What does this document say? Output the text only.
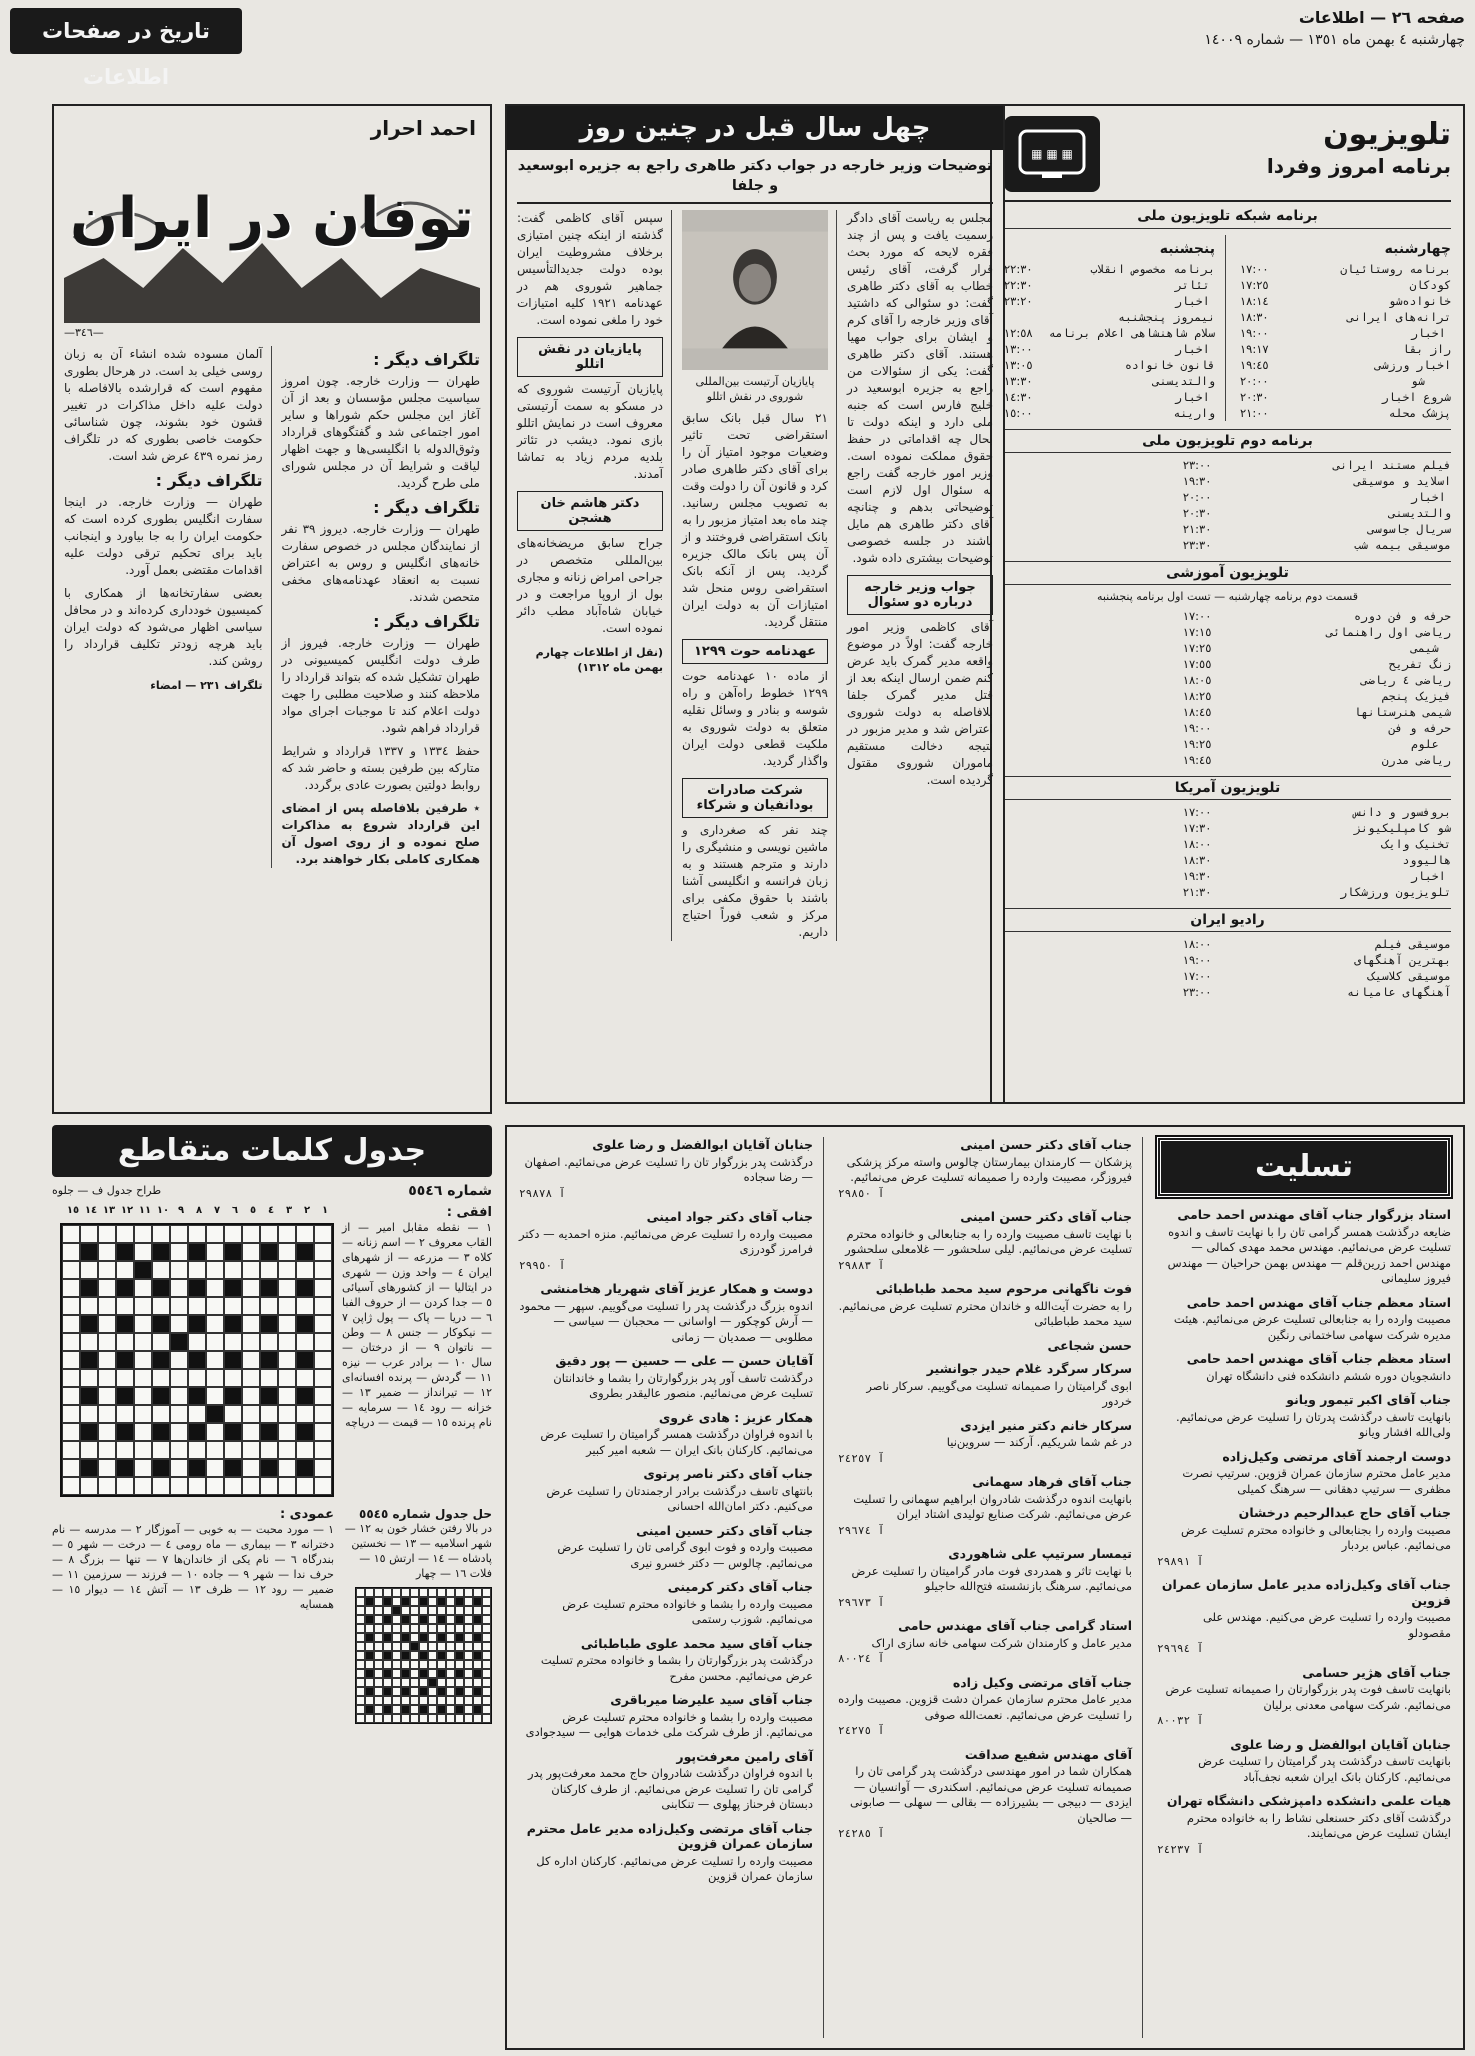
صفحه ٢٦ — اطلاعات
چهارشنبه ٤ بهمن ماه ١٣٥١ — شماره ١٤٠٠٩
تاریخ در صفحات اطلاعات
تلویزیون
برنامه امروز وفردا
▦ ▦ ▦
برنامه شبکه تلویزیون ملی
چهارشنبه
برنامه روستائیان
١٧:٠٠
کودکان
١٧:٢٥
خانواده‌شو
١٨:١٤
ترانه‌های ایرانی
١٨:٣٠
اخبار
١٩:٠٠
راز بقا
١٩:١٧
اخبار ورزشی
١٩:٤٥
شو
٢٠:٠٠
شروع اخبار
٢٠:٣٠
پزشک محله
٢١:٠٠
پنجشنبه
برنامه مخصوص انقلاب
٢٢:٣٠
تئاتر
٢٢:٣٠
اخبار
٢٣:٢٠
نیمروز پنجشنبه
سلام شاهنشاهی اعلام برنامه
١٢:٥٨
اخبار
١٣:٠٠
قانون خانواده
١٣:٠٥
والتدیسنی
١٣:٣٠
اخبار
١٤:٣٠
وارینه
١٥:٠٠
برنامه دوم تلویزیون ملی
فیلم مستند ایرانی
٢٣:٠٠
اسلاید و موسیقی
١٩:٣٠
اخبار
٢٠:٠٠
والتدیسنی
٢٠:٣٠
سریال جاسوسی
٢١:٣٠
موسیقی بیمه شب
٢٣:٣٠
تلویزیون آموزشی
قسمت دوم برنامه چهارشنبه — تست اول برنامه پنجشنبه
حرفه و فن دوره
١٧:٠٠
ریاضی اول راهنمائی
١٧:١٥
شیمی
١٧:٢٥
زنگ تفریح
١٧:٥٥
ریاضی ٤ ریاضی
١٨:٠٥
فیزیک پنجم
١٨:٢٥
شیمی هنرستانها
١٨:٤٥
حرفه و فن
١٩:٠٠
علوم
١٩:٢٥
ریاضی مدرن
١٩:٤٥
تلویزیون آمریکا
بروفسور و دانس
١٧:٠٠
شو کامپلیکیونز
١٧:٣٠
تخنیک وایک
١٨:٠٠
هالیوود
١٨:٣٠
اخبار
١٩:٣٠
تلویزیون ورزشکار
٢١:٣٠
رادیو ایران
موسیقی فیلم
١٨:٠٠
بهترین آهنگهای
١٩:٠٠
موسیقی کلاسیک
١٧:٠٠
آهنگهای عامیانه
٢٣:٠٠
چهل سال قبل در چنین روز
توضیحات وزیر خارجه در جواب دکتر طاهری راجع به جزیره ابوسعید و جلفا
مجلس به ریاست آقای دادگر رسمیت یافت و پس از چند فقره لایحه که مورد بحث قرار گرفت، آقای رئیس خطاب به آقای دکتر طاهری گفت: دو سئوالی که داشتید آقای وزیر خارجه را آقای کرم و ایشان برای جواب مهیا هستند. آقای دکتر طاهری گفت: یکی از سئوالات من راجع به جزیره ابوسعید در خلیج فارس است که جنبه ملی دارد و اینکه دولت تا بحال چه اقداماتی در حفظ حقوق مملکت نموده است. وزیر امور خارجه گفت راجع به سئوال اول لازم است توضیحاتی بدهم و چنانچه آقای دکتر طاهری هم مایل باشند در جلسه خصوصی توضیحات بیشتری داده شود.
جواب وزیر خارجه درباره دو سئوال
آقای کاظمی وزیر امور خارجه گفت: اولاً در موضوع واقعه مدیر گمرک باید عرض کنم ضمن ارسال اینکه بعد از قتل مدیر گمرک جلفا بلافاصله به دولت شوروی اعتراض شد و مدیر مزبور در نتیجه دخالت مستقیم ماموران شوروی مقتول گردیده است.
پایازیان آرتیست بین‌المللی شوروی در نقش اتللو
٢١ سال قبل بانک سابق استقراضی تحت تاثیر وضعیات موجود امتیاز آن را برای آقای دکتر طاهری صادر کرد و قانون آن را دولت وقت به تصویب مجلس رسانید. چند ماه بعد امتیاز مزبور را به بانک استقراضی فروختند و از آن پس بانک مالک جزیره گردید. پس از آنکه بانک استقراضی روس منحل شد امتیازات آن به دولت ایران منتقل گردید.
عهدنامه حوت ١٢٩٩
از ماده ١٠ عهدنامه حوت ١٢٩٩ خطوط راه‌آهن و راه شوسه و بنادر و وسائل نقلیه متعلق به دولت شوروی به ملکیت قطعی دولت ایران واگذار گردید.
شرکت صادرات بودانفیان و شرکاء
چند نفر که صغرداری و ماشین نویسی و منشیگری را دارند و مترجم هستند و به زبان فرانسه و انگلیسی آشنا باشند با حقوق مکفی برای مرکز و شعب فوراً احتیاج داریم.
سپس آقای کاظمی گفت: گذشته از اینکه چنین امتیازی برخلاف مشروطیت ایران بوده دولت جدیدالتأسیس جماهیر شوروی هم در عهدنامه ١٩٢١ کلیه امتیازات خود را ملغی نموده است.
پایازیان در نقش اتللو
پایازیان آرتیست شوروی که در مسکو به سمت آرتیستی معروف است در نمایش اتللو بازی نمود. دیشب در تئاتر بلدیه مردم زیاد به تماشا آمدند.
دکتر هاشم خان هشجن
جراح سابق مریضخانه‌های بین‌المللی متخصص در جراحی امراض زنانه و مجاری بول از اروپا مراجعت و در خیابان شاه‌آباد مطب دائر نموده است.
(نقل از اطلاعات چهارم بهمن ماه ١٣١٢)
احمد احرار
توفان در ایران
—٣٤٦—
تلگراف دیگر :
طهران — وزارت خارجه. چون امروز سیاسیت مجلس مؤسسان و بعد از آن آغاز این مجلس حکم شوراها و سایر امور اجتماعی شد و گفتگوهای قرارداد وثوق‌الدوله با انگلیسی‌ها و جهت اظهار لیاقت و شرایط آن در مجلس شورای ملی طرح گردید.
تلگراف دیگر :
طهران — وزارت خارجه. دیروز ٣٩ نفر از نمایندگان مجلس در خصوص سفارت خانه‌های انگلیس و روس به اعتراض نسبت به انعقاد عهدنامه‌های مخفی متحصن شدند.
تلگراف دیگر :
طهران — وزارت خارجه. فیروز از طرف دولت انگلیس کمیسیونی در طهران تشکیل شده که بتواند قرارداد را ملاحظه کنند و صلاحیت مطلبی را جهت دولت اعلام کند تا موجبات اجرای مواد قرارداد فراهم شود.
حفظ ١٣٣٤ و ١٣٣٧ قرارداد و شرایط متارکه بین طرفین بسته و حاضر شد که روابط دولتین بصورت عادی برگردد.
٭ طرفین بلافاصله پس از امضای این قرارداد شروع به مذاکرات صلح نموده و از روی اصول آن همکاری کاملی بکار خواهند برد.
آلمان مسوده شده انشاء آن به زبان روسی خیلی بد است. در هرحال بطوری مفهوم است که قرارشده بالافاصله با دولت علیه داخل مذاکرات در تغییر قشون خود بشوند، چون شناسائی حکومت خاصی بطوری که در تلگراف رمز نمره ٤٣٩ عرض شد است.
تلگراف دیگر :
طهران — وزارت خارجه. در اینجا سفارت انگلیس بطوری کرده است که حکومت ایران را به جا بیاورد و اینجانب باید برای تحکیم ترقی دولت علیه اقدامات مقتضی بعمل آورد.
بعضی سفارتخانه‌ها از همکاری با کمیسیون خودداری کرده‌اند و در محافل سیاسی اظهار می‌شود که دولت ایران باید هرچه زودتر تکلیف قرارداد را روشن کند.
تلگراف ٢٣١ — امضاء
جدول کلمات متقاطع
شماره ٥٥٤٦
طراح جدول ف — جلوه
افقی :
١ — نقطه مقابل امیر — از القاب معروف ٢ — اسم زنانه — کلاه ٣ — مزرعه — از شهرهای ایران ٤ — واحد وزن — شهری در ایتالیا — از کشورهای آسیائی ٥ — جدا کردن — از حروف الفبا ٦ — دریا — پاک — پول ژاپن ٧ — نیکوکار — جنس ٨ — وطن — ناتوان ٩ — از درختان — سال ١٠ — برادر عرب — نیزه ١١ — گردش — پرنده افسانه‌ای ١٢ — تیرانداز — ضمیر ١٣ — خزانه — رود ١٤ — سرمایه — نام پرنده ١٥ — قیمت — دریاچه
١
٢
٣
٤
٥
٦
٧
٨
٩
١٠
١١
١٢
١٣
١٤
١٥
حل جدول شماره ٥٥٤٥
در بالا رفتن خشار خون به ١٢ — شهر اسلامیه — ١٣ — نخستین پادشاه — ١٤ — ارتش ١٥ — فلات ١٦ — چهار
عمودی :
١ — مورد محبت — به خوبی — آموزگار ٢ — مدرسه — نام دخترانه ٣ — بیماری — ماه رومی ٤ — درخت — شهر ٥ — بندرگاه ٦ — نام یکی از خاندان‌ها ٧ — تنها — بزرگ ٨ — حرف ندا — شهر ٩ — جاده ١٠ — فرزند — سرزمین ١١ — ضمیر — رود ١٢ — ظرف ١٣ — آتش ١٤ — دیوار ١٥ — همسایه
تسلیت
استاد بزرگوار جناب آقای مهندس احمد حامی
ضایعه درگذشت همسر گرامی تان را با نهایت تاسف و اندوه تسلیت عرض می‌نمائیم. مهندس محمد مهدی کمالی — مهندس احمد زرین‌قلم — مهندس بهمن حراحیان — مهندس فیروز سلیمانی
استاد معظم جناب آقای مهندس احمد حامی
مصیبت وارده را به جنابعالی تسلیت عرض می‌نمائیم. هیئت مدیره شرکت سهامی ساختمانی رنگین
استاد معظم جناب آقای مهندس احمد حامی
دانشجویان دوره ششم دانشکده فنی دانشگاه تهران
جناب آقای اکبر تیمور ویانو
بانهایت تاسف درگذشت پدرتان را تسلیت عرض می‌نمائیم. ولی‌الله افشار ویانو
دوست ارجمند آقای مرتضی وکیل‌زاده
مدیر عامل محترم سازمان عمران قزوین. سرتیپ نصرت مظفری — سرتیپ دهقانی — سرهنگ کمیلی
جناب آقای حاج عبدالرحیم درخشان
مصیبت وارده را بجنابعالی و خانواده محترم تسلیت عرض می‌نمائیم. عباس بردبار
آ ٢٩٨٩١
جناب آقای وکیل‌زاده مدیر عامل سازمان عمران قزوین
مصیبت وارده را تسلیت عرض می‌کنیم. مهندس علی مقصودلو
آ ٢٩٦٩٤
جناب آقای هژیر حسامی
بانهایت تاسف فوت پدر بزرگوارتان را صمیمانه تسلیت عرض می‌نمائیم. شرکت سهامی معدنی برلیان
آ ٨٠٠٣٢
جنابان آقایان ابوالفضل و رضا علوی
بانهایت تاسف درگذشت پدر گرامیتان را تسلیت عرض می‌نمائیم. کارکنان بانک ایران شعبه نجف‌آباد
هیات علمی دانشکده دامپزشکی دانشگاه تهران
درگذشت آقای دکتر حسنعلی نشاط را به خانواده محترم ایشان تسلیت عرض می‌نمایند.
آ ٢٤٢٣٧
جناب آقای دکتر حسن امینی
پزشکان — کارمندان بیمارستان چالوس واسته مرکز پزشکی فیروزگر، مصیبت وارده را صمیمانه تسلیت عرض می‌نمائیم.
آ ٢٩٨٥٠
جناب آقای دکتر حسن امینی
با نهایت تاسف مصیبت وارده را به جنابعالی و خانواده محترم تسلیت عرض می‌نمائیم. لیلی سلحشور — غلامعلی سلحشور
آ ٢٩٨٨٣
فوت ناگهانی مرحوم سید محمد طباطبائی
را به حضرت آیت‌الله و خاندان محترم تسلیت عرض می‌نمائیم. سید محمد طباطبائی
حسن شجاعی
سرکار سرگرد غلام حیدر جوانشیر
ابوی گرامیتان را صمیمانه تسلیت می‌گوییم. سرکار ناصر خردور
سرکار خانم دکتر منیر ایزدی
در غم شما شریکیم. آرکند — سروین‌نیا
آ ٢٤٢٥٧
جناب آقای فرهاد سهمانی
بانهایت اندوه درگذشت شادروان ابراهیم سهمانی را تسلیت عرض می‌نمائیم. شرکت صنایع تولیدی اشتاد ایران
آ ٢٩٦٧٤
تیمسار سرتیپ علی شاهوردی
با نهایت تاثر و همدردی فوت مادر گرامیتان را تسلیت عرض می‌نمائیم. سرهنگ بازنشسته فتح‌الله حاجیلو
آ ٢٩٦٧٣
استاد گرامی جناب آقای مهندس حامی
مدیر عامل و کارمندان شرکت سهامی خانه سازی اراک
آ ٨٠٠٢٤
جناب آقای مرتضی وکیل زاده
مدیر عامل محترم سازمان عمران دشت قزوین. مصیبت وارده را تسلیت عرض می‌نمائیم. نعمت‌الله صوفی
آ ٢٤٢٧٥
آقای مهندس شفیع صداقت
همکاران شما در امور مهندسی درگذشت پدر گرامی تان را صمیمانه تسلیت عرض می‌نمائیم. اسکندری — آوانسیان — ایزدی — دبیجی — بشیرزاده — بقالی — سهلی — صابونی — صالحیان
آ ٢٤٢٨٥
جنابان آقایان ابوالفضل و رضا علوی
درگذشت پدر بزرگوار تان را تسلیت عرض می‌نمائیم. اصفهان — رضا سجاده
آ ٢٩٨٧٨
جناب آقای دکتر جواد امینی
مصیبت وارده را تسلیت عرض می‌نمائیم. منزه احمدیه — دکتر فرامرز گودرزی
آ ٢٩٩٥٠
دوست و همکار عزیز آقای شهریار هخامنشی
اندوه بزرگ درگذشت پدر را تسلیت می‌گوییم. سپهر — محمود — آرش کوچکور — اواسانی — محجبان — سیاسی — مطلوبی — صمدیان — زمانی
آقایان حسن — علی — حسین — پور دقیق
درگذشت تاسف آور پدر بزرگوارتان را بشما و خاندانتان تسلیت عرض می‌نمائیم. منصور عالیقدر بطروی
همکار عزیز : هادی غروی
با اندوه فراوان درگذشت همسر گرامیتان را تسلیت عرض می‌نمائیم. کارکنان بانک ایران — شعبه امیر کبیر
جناب آقای دکتر ناصر پرتوی
بانتهای تاسف درگذشت برادر ارجمندتان را تسلیت عرض می‌کنیم. دکتر امان‌الله احسانی
جناب آقای دکتر حسین امینی
مصیبت وارده و فوت ابوی گرامی تان را تسلیت عرض می‌نمائیم. چالوس — دکتر خسرو نیری
جناب آقای دکتر کرمینی
مصیبت وارده را بشما و خانواده محترم تسلیت عرض می‌نمائیم. شوزب رستمی
جناب آقای سید محمد علوی طباطبائی
درگذشت پدر بزرگوارتان را بشما و خانواده محترم تسلیت عرض می‌نمائیم. محسن مفرح
جناب آقای سید علیرضا میرباقری
مصیبت وارده را بشما و خانواده محترم تسلیت عرض می‌نمائیم. از طرف شرکت ملی خدمات هوایی — سیدجوادی
آقای رامین معرفت‌پور
با اندوه فراوان درگذشت شادروان حاج محمد معرفت‌پور پدر گرامی تان را تسلیت عرض می‌نمائیم. از طرف کارکنان دبستان فرحناز پهلوی — تنکابنی
جناب آقای مرتضی وکیل‌زاده مدیر عامل محترم سازمان عمران قزوین
مصیبت وارده را تسلیت عرض می‌نمائیم. کارکنان اداره کل سازمان عمران قزوین
